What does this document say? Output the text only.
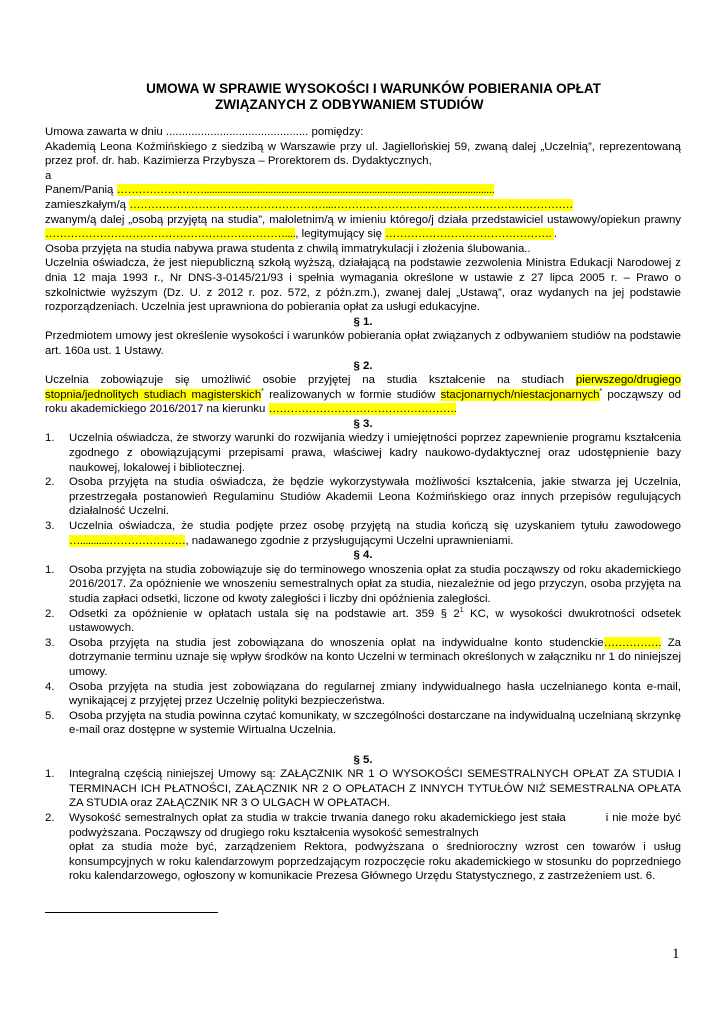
UMOWA W SPRAWIE WYSOKOŚCI I WARUNKÓW POBIERANIA OPŁAT
ZWIĄZANYCH Z ODBYWANIEM STUDIÓW

Umowa zawarta w dniu ............................................. pomiędzy:

Akademią Leona Koźmińskiego z siedzibą w Warszawie przy ul. Jagiellońskiej 59, zwaną dalej „Uczelnią”, reprezentowaną przez prof. dr. hab. Kazimierza Przybysza – Prorektorem ds. Dydaktycznych,

a

Panem/Panią …………………….............................................................................................................

zamieszkałym/ą ………………………………………………...…………………………………………………………

zwanym/ą dalej „osobą przyjętą na studia”, małoletnim/ą w imieniu którego/j działa przedstawiciel ustawowy/opiekun prawny …………………………………………………………...., legitymujący się ………………………………………. .

Osoba przyjęta na studia nabywa prawa studenta z chwilą immatrykulacji i złożenia ślubowania..

Uczelnia oświadcza, że jest niepubliczną szkołą wyższą, działającą na podstawie zezwolenia Ministra Edukacji Narodowej z dnia 12 maja 1993 r., Nr DNS-3-0145/21/93 i spełnia wymagania określone w ustawie z 27 lipca 2005 r. – Prawo o szkolnictwie wyższym (Dz. U. z 2012 r. poz. 572, z późn.zm.), zwanej dalej „Ustawą”, oraz wydanych na jej podstawie rozporządzeniach. Uczelnia jest uprawniona do pobierania opłat za usługi edukacyjne.

§ 1.

Przedmiotem umowy jest określenie wysokości i warunków pobierania opłat związanych z odbywaniem studiów na podstawie art. 160a ust. 1 Ustawy.

§ 2.

Uczelnia zobowiązuje się umożliwić osobie przyjętej na studia kształcenie na studiach pierwszego/drugiego stopnia/jednolitych studiach magisterskich* realizowanych w formie studiów stacjonarnych/niestacjonarnych* począwszy od roku akademickiego 2016/2017 na kierunku …………………………………………….

§ 3.

1. Uczelnia oświadcza, że stworzy warunki do rozwijania wiedzy i umiejętności poprzez zapewnienie programu kształcenia zgodnego z obowiązującymi przepisami prawa, właściwej kadry naukowo-dydaktycznej oraz udostępnienie bazy naukowej, lokalowej i bibliotecznej.
2. Osoba przyjęta na studia oświadcza, że będzie wykorzystywała możliwości kształcenia, jakie stwarza jej Uczelnia, przestrzegała postanowień Regulaminu Studiów Akademii Leona Koźmińskiego oraz innych przepisów regulujących działalność Uczelni.
3. Uczelnia oświadcza, że studia podjęte przez osobę przyjętą na studia kończą się uzyskaniem tytułu zawodowego …...........…………………, nadawanego zgodnie z przysługującymi Uczelni uprawnieniami.

§ 4.

1. Osoba przyjęta na studia zobowiązuje się do terminowego wnoszenia opłat za studia począwszy od roku akademickiego 2016/2017. Za opóźnienie we wnoszeniu semestralnych opłat za studia, niezależnie od jego przyczyn, osoba przyjęta na studia zapłaci odsetki, liczone od kwoty zaległości i liczby dni opóźnienia zaległości.
2. Odsetki za opóźnienie w opłatach ustala się na podstawie art. 359 § $2^1$ KC, w wysokości dwukrotności odsetek ustawowych.
3. Osoba przyjęta na studia jest zobowiązana do wnoszenia opłat na indywidualne konto studenckie……………. Za dotrzymanie terminu uznaje się wpływ środków na konto Uczelni w terminach określonych w załączniku nr 1 do niniejszej umowy.
4. Osoba przyjęta na studia jest zobowiązana do regularnej zmiany indywidualnego hasła uczelnianego konta e-mail, wynikającej z przyjętej przez Uczelnię polityki bezpieczeństwa.
5. Osoba przyjęta na studia powinna czytać komunikaty, w szczególności dostarczane na indywidualną uczelnianą skrzynkę e-mail oraz dostępne w systemie Wirtualna Uczelnia.

§ 5.

1. Integralną częścią niniejszej Umowy są: ZAŁĄCZNIK NR 1 O WYSOKOŚCI SEMESTRALNYCH OPŁAT ZA STUDIA I TERMINACH ICH PŁATNOŚCI, ZAŁĄCZNIK NR 2 O OPŁATACH Z INNYCH TYTUŁÓW NIŻ SEMESTRALNA OPŁATA ZA STUDIA oraz ZAŁĄCZNIK NR 3 O ULGACH W OPŁATACH.
2. Wysokość semestralnych opłat za studia w trakcie trwania danego roku akademickiego jest stała	i nie może być podwyższana. Począwszy od drugiego roku kształcenia wysokość semestralnych
opłat za studia może być, zarządzeniem Rektora, podwyższana o średnioroczny wzrost cen towarów i usług konsumpcyjnych w roku kalendarzowym poprzedzającym rozpoczęcie roku akademickiego w stosunku do poprzedniego roku kalendarzowego, ogłoszony w komunikacie Prezesa Głównego Urzędu Statystycznego, z zastrzeżeniem ust. 6.
1
